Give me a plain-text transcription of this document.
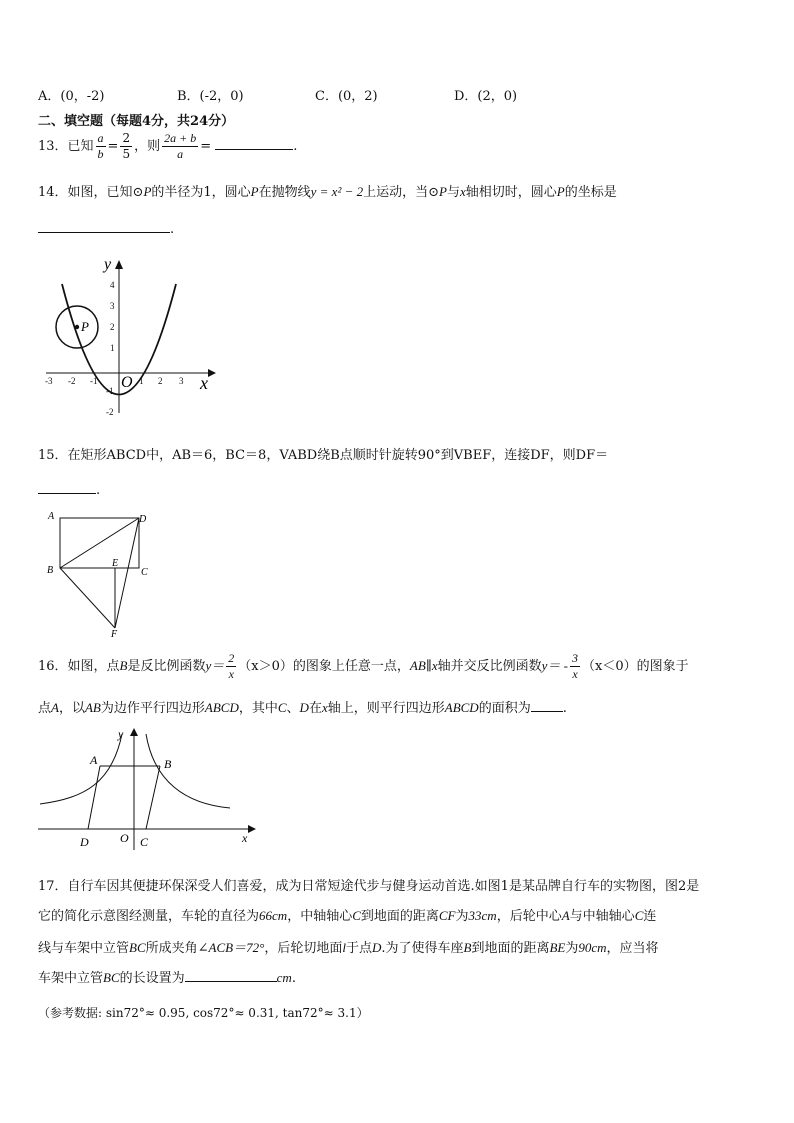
A．(0，-2)	B．(-2，0)	C．(0，2)	D．(2，0)
二、填空题（每题4分，共24分）
13．已知 $\frac{a}{b} = \frac{2}{5}$ ，则 $\frac{2a + b}{a}$ =	.
14．如图，已知⊙P的半径为1，圆心P在抛物线y = x² − 2上运动，当⊙P与x轴相切时，圆心P的坐标是
.
P
y
x
O
-3 -2 -1	1 2 3
4
3
2
1
-1
-2
15．在矩形ABCD中，AB＝6，BC＝8，VABD绕B点顺时针旋转90°到VBEF，连接DF，则DF＝
.
A
B	C
D
E
F
16．如图，点B是反比例函数$y= \frac{2}{x} (x>0)$的图象上任意一点，AB∥x轴并交反比例函数$y= - \frac{3}{x} (x<0)$的图象于
点A，以AB为边作平行四边形ABCD，其中C、D在x轴上，则平行四边形ABCD的面积为 .
A	B
D	O C	x
y
17．自行车因其便捷环保深受人们喜爱，成为日常短途代步与健身运动首选.如图1是某品牌自行车的实物图，图2是
它的简化示意图经测量，车轮的直径为66cm，中轴轴心C到地面的距离CF为33cm，后轮中心A与中轴轴心C连
线与车架中立管BC所成夹角∠ACB＝72°，后轮切地面l于点D.为了使得车座B到地面的距离BE为90cm，应当将
车架中立管BC的长设置为	cm.
（参考数据: sin72°≈ 0.95, cos72°≈ 0.31, tan72°≈ 3.1）
